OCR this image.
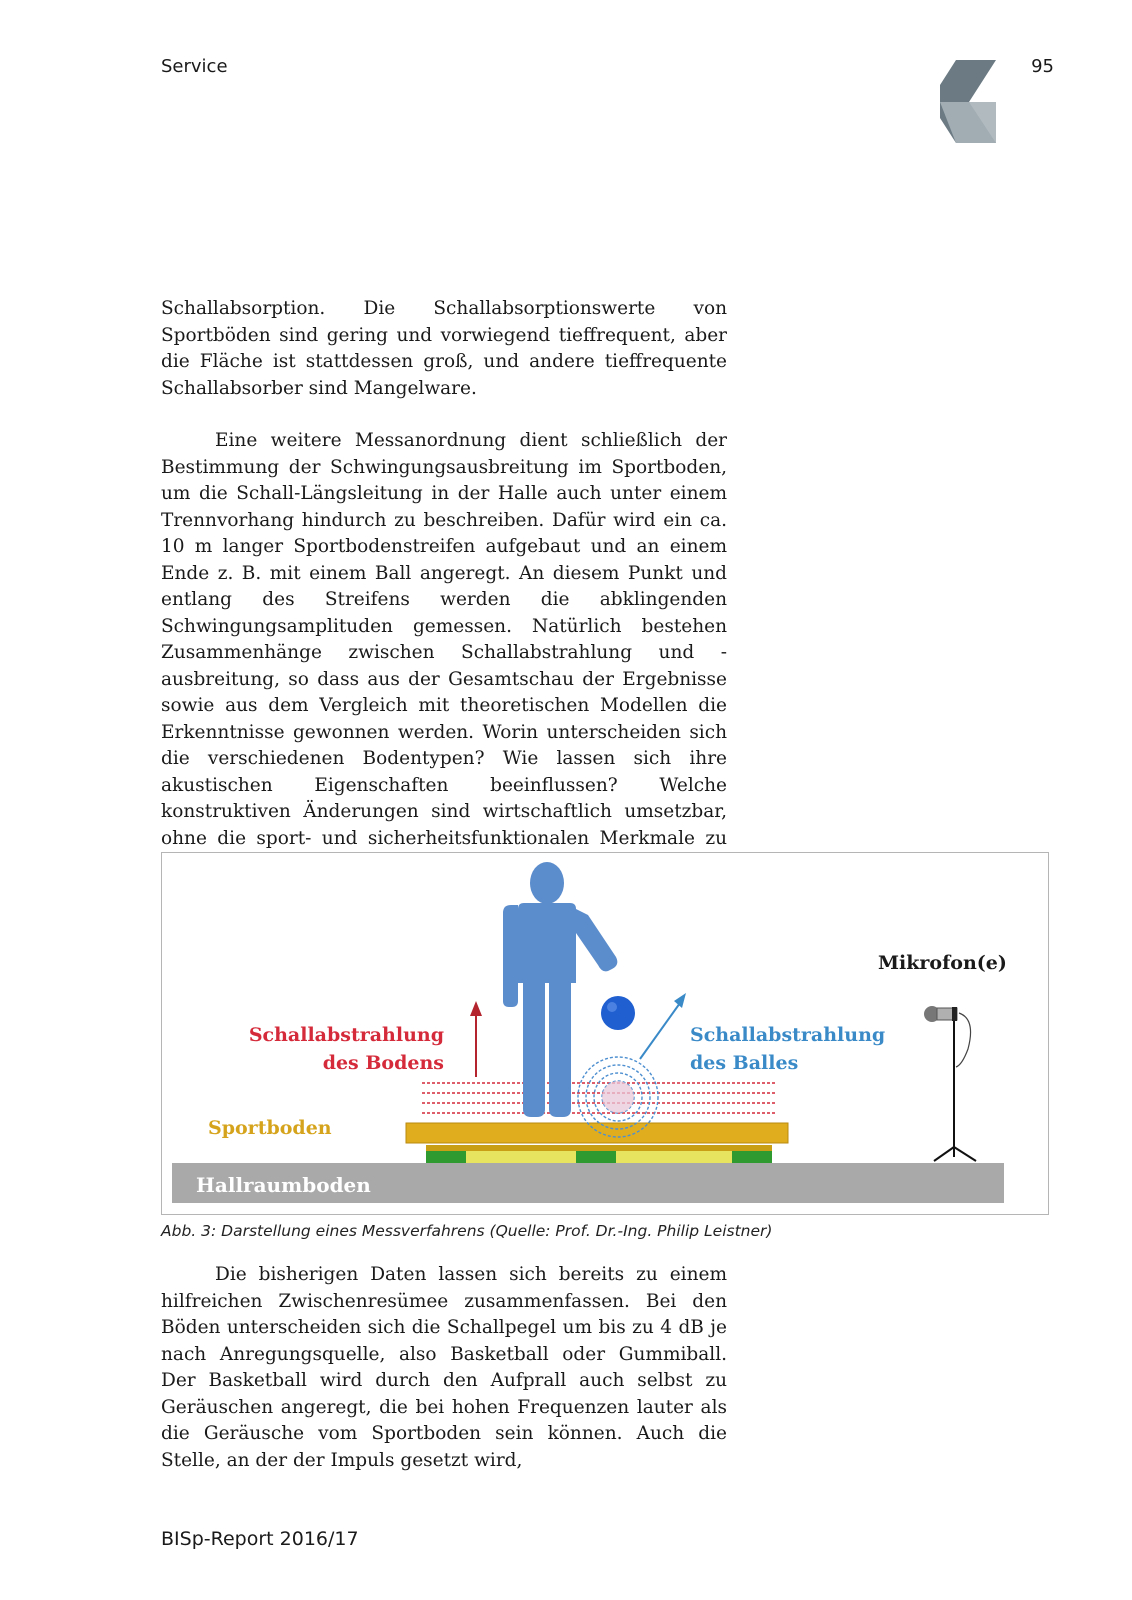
Service	95

Schallabsorption. Die Schallabsorptionswerte von Sportböden sind gering und vorwiegend tieffrequent, aber die Fläche ist stattdessen groß, und andere tieffrequente Schallabsorber sind Mangelware.

Eine weitere Messanordnung dient schließlich der Bestimmung der Schwingungsausbreitung im Sportboden, um die Schall-Längsleitung in der Halle auch unter einem Trennvorhang hindurch zu beschreiben. Dafür wird ein ca. 10 m langer Sportbodenstreifen aufgebaut und an einem Ende z. B. mit einem Ball angeregt. An diesem Punkt und entlang des Streifens werden die abklingenden Schwingungsamplituden gemessen. Natürlich bestehen Zusammenhänge zwischen Schallabstrahlung und -ausbreitung, so dass aus der Gesamtschau der Ergebnisse sowie aus dem Vergleich mit theoretischen Modellen die Erkenntnisse gewonnen werden. Worin unterscheiden sich die verschiedenen Bodentypen? Wie lassen sich ihre akustischen Eigenschaften beeinflussen? Welche konstruktiven Änderungen sind wirtschaftlich umsetzbar, ohne die sport- und sicherheitsfunktionalen Merkmale zu

Hallraumboden
Sportboden
Schallabstrahlung
des Bodens
Schallabstrahlung
des Balles
Mikrofon(e)
Abb. 3: Darstellung eines Messverfahrens (Quelle: Prof. Dr.-Ing. Philip Leistner)

Die bisherigen Daten lassen sich bereits zu einem hilfreichen Zwischenresümee zusammenfassen. Bei den Böden unterscheiden sich die Schallpegel um bis zu 4 dB je nach Anregungsquelle, also Basketball oder Gummiball. Der Basketball wird durch den Aufprall auch selbst zu Geräuschen angeregt, die bei hohen Frequenzen lauter als die Geräusche vom Sportboden sein können. Auch die Stelle, an der der Impuls gesetzt wird,

BISp-Report 2016/17
